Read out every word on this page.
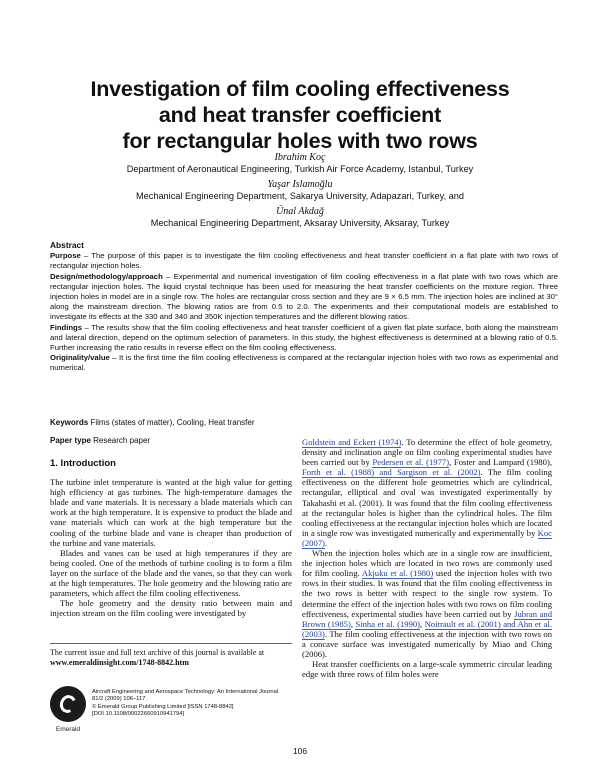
Investigation of film cooling effectiveness
and heat transfer coefficient
for rectangular holes with two rows
Ibrahim Koç
Department of Aeronautical Engineering, Turkish Air Force Academy, Istanbul, Turkey
Yaşar Islamoğlu
Mechanical Engineering Department, Sakarya University, Adapazari, Turkey, and
Ünal Akdağ
Mechanical Engineering Department, Aksaray University, Aksaray, Turkey
Abstract

Purpose – The purpose of this paper is to investigate the film cooling effectiveness and heat transfer coefficient in a flat plate with two rows of rectangular injection holes.

Design/methodology/approach – Experimental and numerical investigation of film cooling effectiveness in a flat plate with two rows which are rectangular injection holes. The liquid crystal technique has been used for measuring the heat transfer coefficients on the mixture region. Three injection holes in model are in a single row. The holes are rectangular cross section and they are 9 × 6.5 mm. The injection holes are inclined at 30° along the mainstream direction. The blowing ratios are from 0.5 to 2.0. The experiments and their computational models are established to investigate its effects at the 330 and 340 and 350K injection temperatures and the different blowing ratios.

Findings – The results show that the film cooling effectiveness and heat transfer coefficient of a given flat plate surface, both along the mainstream and lateral direction, depend on the optimum selection of parameters. In this study, the highest effectiveness is determined at a blowing ratio of 0.5. Further increasing the ratio results in reverse effect on the film cooling effectiveness.

Originality/value – It is the first time the film cooling effectiveness is compared at the rectangular injection holes with two rows as experimental and numerical.

Keywords Films (states of matter), Cooling, Heat transfer
Paper type Research paper
1. Introduction

The turbine inlet temperature is wanted at the high value for getting high efficiency at gas turbines. The high-temperature damages the blade and vane materials. It is necessary a blade materials which can work at the high temperature. It is expensive to product the blade and vane materials which can work at the high temperature but the cooling of the turbine blade and vane is cheaper than production of the turbine and vane materials.

Blades and vanes can be used at high temperatures if they are being cooled. One of the methods of turbine cooling is to form a film layer on the surface of the blade and the vanes, so that they can work at the high temperatures. The hole geometry and the blowing ratio are parameters, which affect the film cooling effectiveness.

The hole geometry and the density ratio between main and injection stream on the film cooling were investigated by

Goldstein and Eckert (1974). To determine the effect of hole geometry, density and inclination angle on film cooling experimental studies have been carried out by Pedersen et al. (1977), Foster and Lampard (1980), Forth et al. (1988) and Sargison et al. (2002). The film cooling effectiveness on the different hole geometries which are cylindrical, rectangular, elliptical and oval was investigated experimentally by Takahashi et al. (2001). It was found that the film cooling effectiveness at the rectangular holes is higher than the cylindrical holes. The film cooling effectiveness at the rectangular injection holes which are located in a single row was investigated numerically and experimentally by Koc (2007).

When the injection holes which are in a single row are insufficient, the injection holes which are located in two rows are commonly used for film cooling. Akjuku et al. (1980) used the injection holes with two rows in their studies. It was found that the film cooling effectiveness in the two rows is better with respect to the single row system. To determine the effect of the injection holes with two rows on film cooling effectiveness, experimental studies have been carried out by Jubran and Brown (1985), Sinha et al. (1990), Noitrault et al. (2001) and Ahn et al. (2003). The film cooling effectiveness at the injection with two rows on a concave surface was investigated numerically by Miao and Ching (2006).

Heat transfer coefficients on a large-scale symmetric circular leading edge with three rows of film holes were

The current issue and full text archive of this journal is available at
www.emeraldinsight.com/1748-8842.htm
Emerald
Aircraft Engineering and Aerospace Technology: An International Journal
81/2 (2009) 106–117
© Emerald Group Publishing Limited [ISSN 1748-8842]
[DOI 10.1108/00022660910941794]
106
